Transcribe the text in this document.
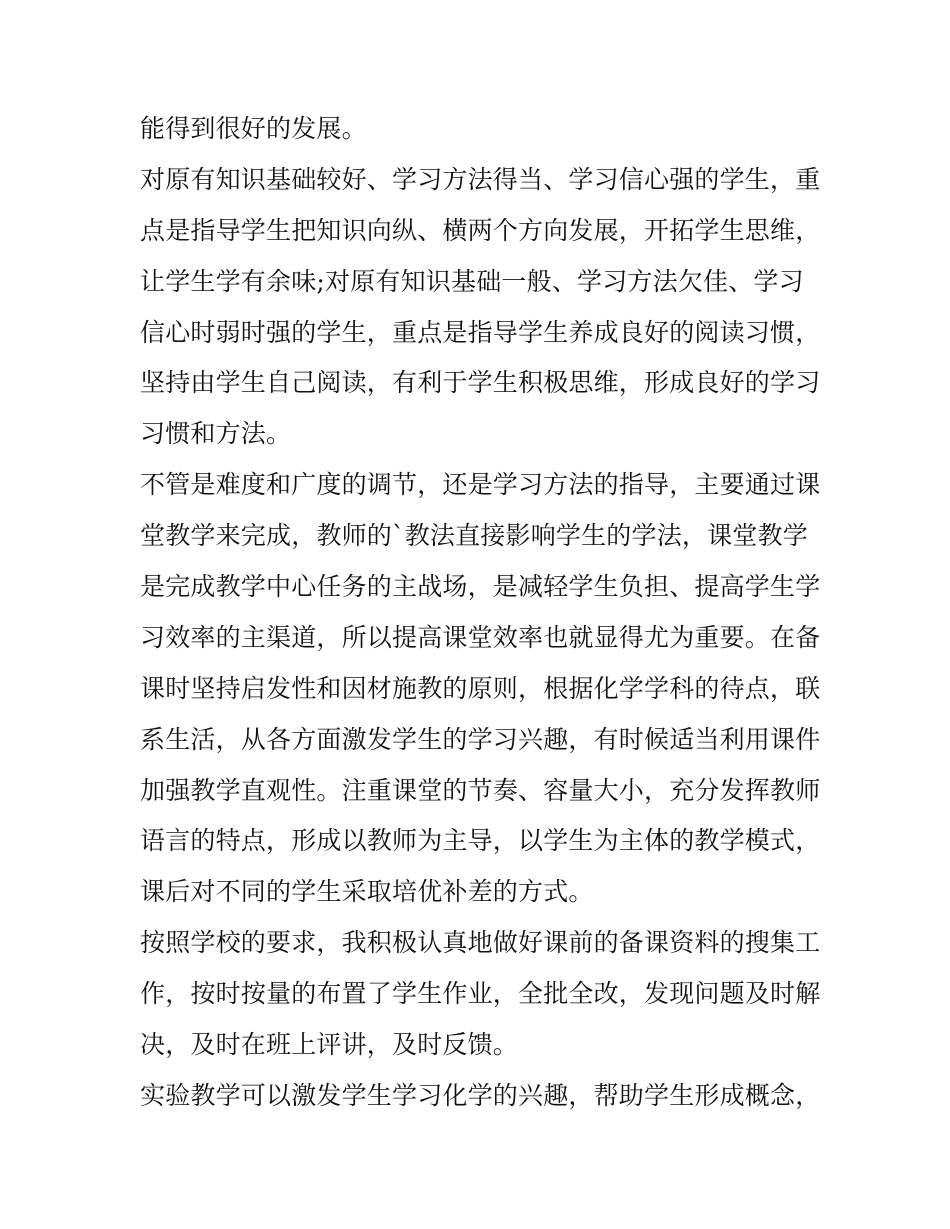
能得到很好的发展。
对原有知识基础较好、学习方法得当、学习信心强的学生，重
点是指导学生把知识向纵、横两个方向发展，开拓学生思维，
让学生学有余味;对原有知识基础一般、学习方法欠佳、学习
信心时弱时强的学生，重点是指导学生养成良好的阅读习惯，
坚持由学生自己阅读，有利于学生积极思维，形成良好的学习
习惯和方法。
不管是难度和广度的调节，还是学习方法的指导，主要通过课
堂教学来完成，教师的`教法直接影响学生的学法，课堂教学
是完成教学中心任务的主战场，是减轻学生负担、提高学生学
习效率的主渠道，所以提高课堂效率也就显得尤为重要。在备
课时坚持启发性和因材施教的原则，根据化学学科的待点，联
系生活，从各方面激发学生的学习兴趣，有时候适当利用课件
加强教学直观性。注重课堂的节奏、容量大小，充分发挥教师
语言的特点，形成以教师为主导，以学生为主体的教学模式，
课后对不同的学生采取培优补差的方式。
按照学校的要求，我积极认真地做好课前的备课资料的搜集工
作，按时按量的布置了学生作业，全批全改，发现问题及时解
决，及时在班上评讲，及时反馈。
实验教学可以激发学生学习化学的兴趣，帮助学生形成概念，
